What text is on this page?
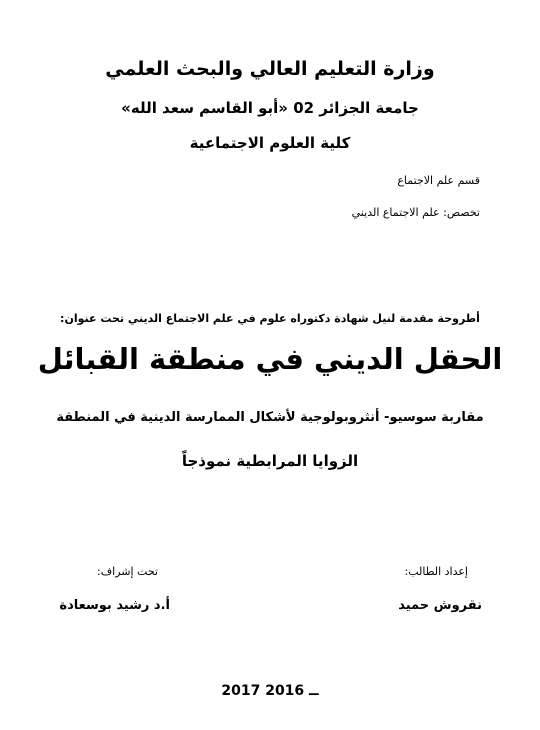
وزارة التعليم العالي والبحث العلمي
جامعة الجزائر 02 «أبو القاسم سعد الله»
كلية العلوم الاجتماعية
قسم علم الاجتماع
تخصص: علم الاجتماع الديني
أطروحة مقدمة لنيل شهادة دكتوراه علوم في علم الاجتماع الديني تحت عنوان:
الحقل الديني في منطقة القبائل
مقاربة سوسيو- أنثروبولوجية لأشكال الممارسة الدينية في المنطقة
الزوايا المرابطية نموذجاً
إعداد الطالب:
تحت إشراف:
نقروش حميد
أ.د رشيد بوسعادة
2017 ــ 2016
